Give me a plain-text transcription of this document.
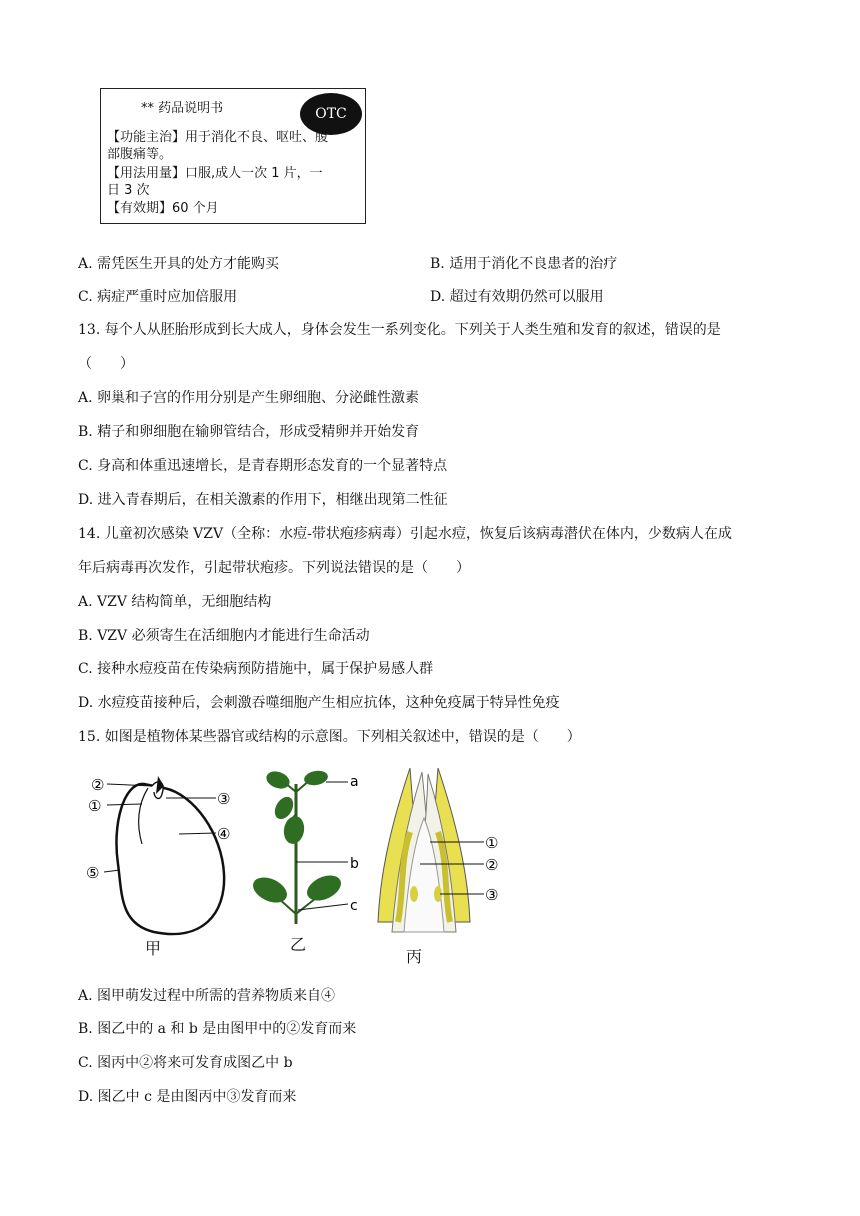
** 药品说明书	OTC
【功能主治】用于消化不良、呕吐、腹
部腹痛等。
【用法用量】口服,成人一次 1 片，一
日 3 次
【有效期】60 个月
A. 需凭医生开具的处方才能购买	B. 适用于消化不良患者的治疗
C. 病症严重时应加倍服用	D. 超过有效期仍然可以服用
13. 每个人从胚胎形成到长大成人，身体会发生一系列变化。下列关于人类生殖和发育的叙述，错误的是
（　　）
A. 卵巢和子宫的作用分别是产生卵细胞、分泌雌性激素
B. 精子和卵细胞在输卵管结合，形成受精卵并开始发育
C. 身高和体重迅速增长，是青春期形态发育的一个显著特点
D. 进入青春期后，在相关激素的作用下，相继出现第二性征
14. 儿童初次感染 VZV（全称：水痘-带状疱疹病毒）引起水痘，恢复后该病毒潜伏在体内，少数病人在成
年后病毒再次发作，引起带状疱疹。下列说法错误的是（　　）
A. VZV 结构简单，无细胞结构
B. VZV 必须寄生在活细胞内才能进行生命活动
C. 接种水痘疫苗在传染病预防措施中，属于保护易感人群
D. 水痘疫苗接种后，会刺激吞噬细胞产生相应抗体，这种免疫属于特异性免疫
15. 如图是植物体某些器官或结构的示意图。下列相关叙述中，错误的是（　　）
②
①	③
④
⑤
甲
a
b
c
乙
①
②
③
丙
A. 图甲萌发过程中所需的营养物质来自④
B. 图乙中的 a 和 b 是由图甲中的②发育而来
C. 图丙中②将来可发育成图乙中 b
D. 图乙中 c 是由图丙中③发育而来
